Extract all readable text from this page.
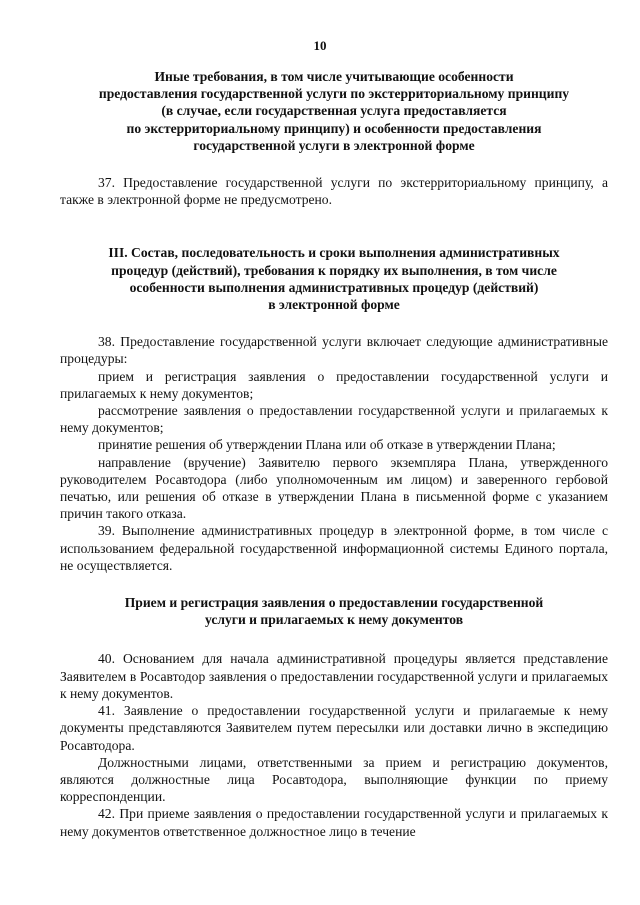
10
Иные требования, в том числе учитывающие особенности
предоставления государственной услуги по экстерриториальному принципу
(в случае, если государственная услуга предоставляется
по экстерриториальному принципу) и особенности предоставления
государственной услуги в электронной форме

37. Предоставление государственной услуги по экстерриториальному принципу, а также в электронной форме не предусмотрено.

III. Состав, последовательность и сроки выполнения административных
процедур (действий), требования к порядку их выполнения, в том числе
особенности выполнения административных процедур (действий)
в электронной форме

38. Предоставление государственной услуги включает следующие административные процедуры:

прием и регистрация заявления о предоставлении государственной услуги и прилагаемых к нему документов;

рассмотрение заявления о предоставлении государственной услуги и прилагаемых к нему документов;

принятие решения об утверждении Плана или об отказе в утверждении Плана;

направление (вручение) Заявителю первого экземпляра Плана, утвержденного руководителем Росавтодора (либо уполномоченным им лицом) и заверенного гербовой печатью, или решения об отказе в утверждении Плана в письменной форме с указанием причин такого отказа.

39. Выполнение административных процедур в электронной форме, в том числе с использованием федеральной государственной информационной системы Единого портала, не осуществляется.

Прием и регистрация заявления о предоставлении государственной
услуги и прилагаемых к нему документов

40. Основанием для начала административной процедуры является представление Заявителем в Росавтодор заявления о предоставлении государственной услуги и прилагаемых к нему документов.

41. Заявление о предоставлении государственной услуги и прилагаемые к нему документы представляются Заявителем путем пересылки или доставки лично в экспедицию Росавтодора.

Должностными лицами, ответственными за прием и регистрацию документов, являются должностные лица Росавтодора, выполняющие функции по приему корреспонденции.

42. При приеме заявления о предоставлении государственной услуги и прилагаемых к нему документов ответственное должностное лицо в течение
